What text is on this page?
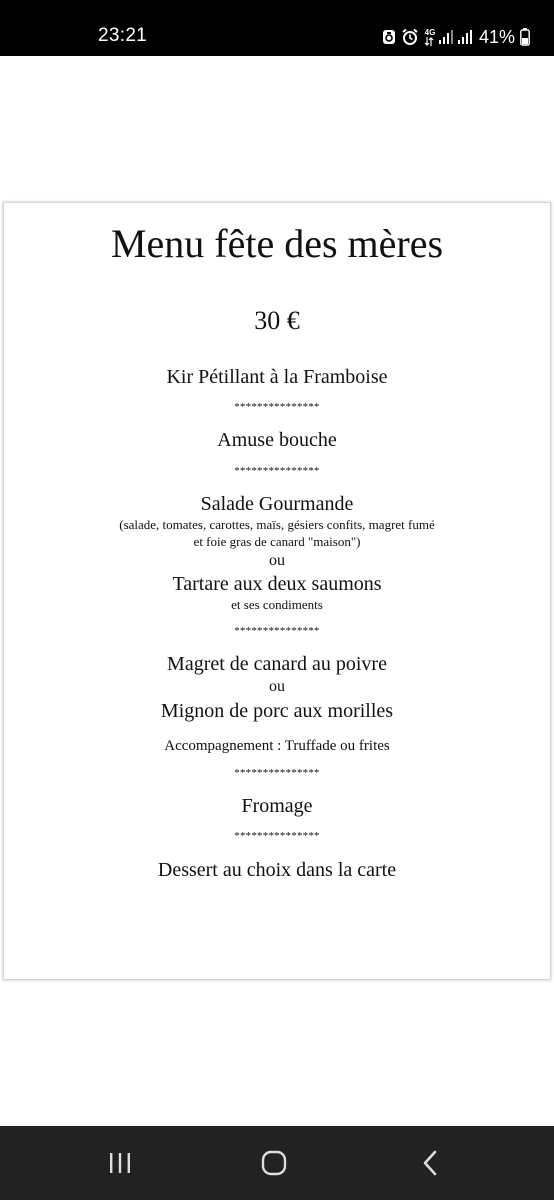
23:21	4G 41%
Menu fête des mères
30 €
Kir Pétillant à la Framboise
***************
Amuse bouche
***************
Salade Gourmande
(salade, tomates, carottes, maïs, gésiers confits, magret fumé
et foie gras de canard "maison")
ou
Tartare aux deux saumons
et ses condiments
***************
Magret de canard au poivre
ou
Mignon de porc aux morilles
Accompagnement : Truffade ou frites
***************
Fromage
***************
Dessert au choix dans la carte
